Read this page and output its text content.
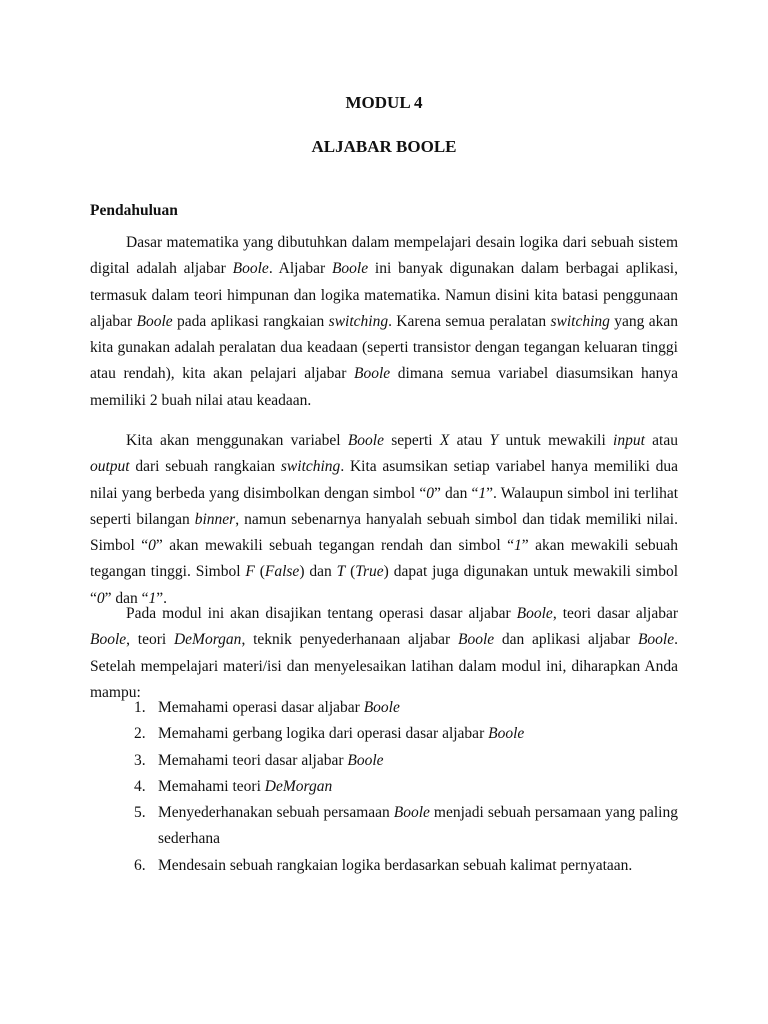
MODUL 4
ALJABAR BOOLE
Pendahuluan

Dasar matematika yang dibutuhkan dalam mempelajari desain logika dari sebuah sistem digital adalah aljabar Boole. Aljabar Boole ini banyak digunakan dalam berbagai aplikasi, termasuk dalam teori himpunan dan logika matematika. Namun disini kita batasi penggunaan aljabar Boole pada aplikasi rangkaian switching. Karena semua peralatan switching yang akan kita gunakan adalah peralatan dua keadaan (seperti transistor dengan tegangan keluaran tinggi atau rendah), kita akan pelajari aljabar Boole dimana semua variabel diasumsikan hanya memiliki 2 buah nilai atau keadaan.

Kita akan menggunakan variabel Boole seperti X atau Y untuk mewakili input atau output dari sebuah rangkaian switching. Kita asumsikan setiap variabel hanya memiliki dua nilai yang berbeda yang disimbolkan dengan simbol “0” dan “1”. Walaupun simbol ini terlihat seperti bilangan binner, namun sebenarnya hanyalah sebuah simbol dan tidak memiliki nilai. Simbol “0” akan mewakili sebuah tegangan rendah dan simbol “1” akan mewakili sebuah tegangan tinggi. Simbol F (False) dan T (True) dapat juga digunakan untuk mewakili simbol “0” dan “1”.

Pada modul ini akan disajikan tentang operasi dasar aljabar Boole, teori dasar aljabar Boole, teori DeMorgan, teknik penyederhanaan aljabar Boole dan aplikasi aljabar Boole. Setelah mempelajari materi/isi dan menyelesaikan latihan dalam modul ini, diharapkan Anda mampu:

1. Memahami operasi dasar aljabar Boole
2. Memahami gerbang logika dari operasi dasar aljabar Boole
3. Memahami teori dasar aljabar Boole
4. Memahami teori DeMorgan
5. Menyederhanakan sebuah persamaan Boole menjadi sebuah persamaan yang paling sederhana
6. Mendesain sebuah rangkaian logika berdasarkan sebuah kalimat pernyataan.
